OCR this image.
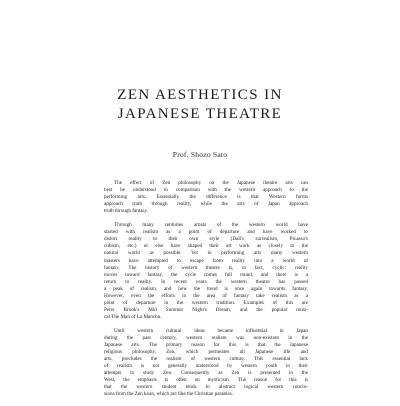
ZEN AESTHETICS IN
JAPANESE THEATRE

Prof. Shozo Sato

The effect of Zen philosophy on the Japanese theatre arts can
best be understood in comparison with the western approach to the
performing arts. Essentially the difference is that Western forms
approach truth through reality, while the arts of Japan approach
truth through fantasy.
Through many centuries artists of the western world have
started with realism as a point of departure and have worked to
distort reality to their own style (Dali's surrealism, Picasso's
cubism, etc.) or else have shaped their art work as closely to the
natural world as possible. Yet in performing arts many western
masters have attempted to escape from reality into a world of
fantasy. The history of western theatre is, in fact, cyclic: reality
moves toward fantasy, the cycle comes full round, and there is a
return to reality. In recent years the western theatre has passed
a peak of realism, and now the trend is once again towards fantasy.
However, even the efforts in the area of fantasy take realism as a
point of departure in the western tradition. Examples of this are
Peter Brook's Mid Summer Night's Dream, and the popular musi-
cal The Man of La Mancha.
Until western cultural ideas became influential in Japan
during the past century, western realism was non-existent in the
Japanese arts. The primary reason for this is that the Japanese
religious philosophy, Zen, which permeates all Japanese life and
arts, precludes the realism of western culture. This essential lack
of realism is not generally understood by western youth in their
attempts to study Zen. Consequently as Zen is presented in the
West, the emphasis is often on mysticism. The reason for this is
that the western student tends to abstract logical western conclu-
sions from the Zen koan, which are like the Christian parables.
